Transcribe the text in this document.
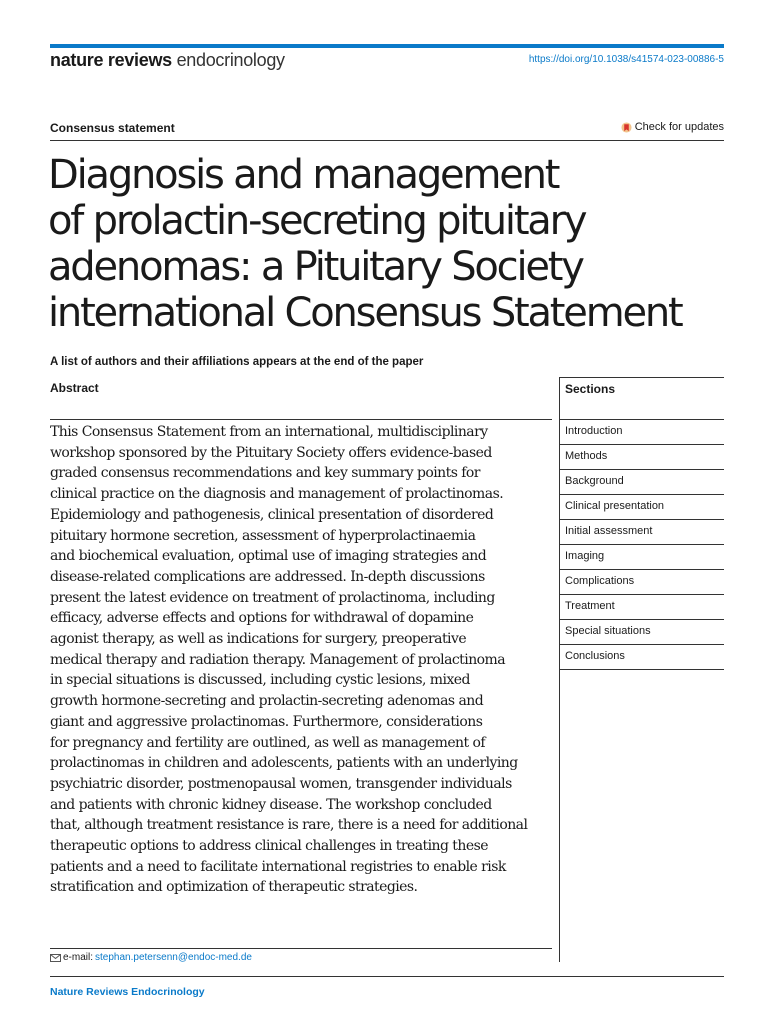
nature reviews endocrinology	https://doi.org/10.1038/s41574-023-00886-5
Consensus statement	Check for updates
Diagnosis and management
of prolactin-secreting pituitary
adenomas: a Pituitary Society
international Consensus Statement

A list of authors and their affiliations appears at the end of the paper
Abstract	Sections

This Consensus Statement from an international, multidisciplinary
workshop sponsored by the Pituitary Society offers evidence-based
graded consensus recommendations and key summary points for
clinical practice on the diagnosis and management of prolactinomas.
Epidemiology and pathogenesis, clinical presentation of disordered
pituitary hormone secretion, assessment of hyperprolactinaemia
and biochemical evaluation, optimal use of imaging strategies and
disease-related complications are addressed. In-depth discussions
present the latest evidence on treatment of prolactinoma, including
efficacy, adverse effects and options for withdrawal of dopamine
agonist therapy, as well as indications for surgery, preoperative
medical therapy and radiation therapy. Management of prolactinoma
in special situations is discussed, including cystic lesions, mixed
growth hormone-secreting and prolactin-secreting adenomas and
giant and aggressive prolactinomas. Furthermore, considerations
for pregnancy and fertility are outlined, as well as management of
prolactinomas in children and adolescents, patients with an underlying
psychiatric disorder, postmenopausal women, transgender individuals
and patients with chronic kidney disease. The workshop concluded
that, although treatment resistance is rare, there is a need for additional
therapeutic options to address clinical challenges in treating these
patients and a need to facilitate international registries to enable risk
stratification and optimization of therapeutic strategies.

Introduction
Methods
Background
Clinical presentation
Initial assessment
Imaging
Complications
Treatment
Special situations
Conclusions
e-mail: stephan.petersenn@endoc-med.de
Nature Reviews Endocrinology
